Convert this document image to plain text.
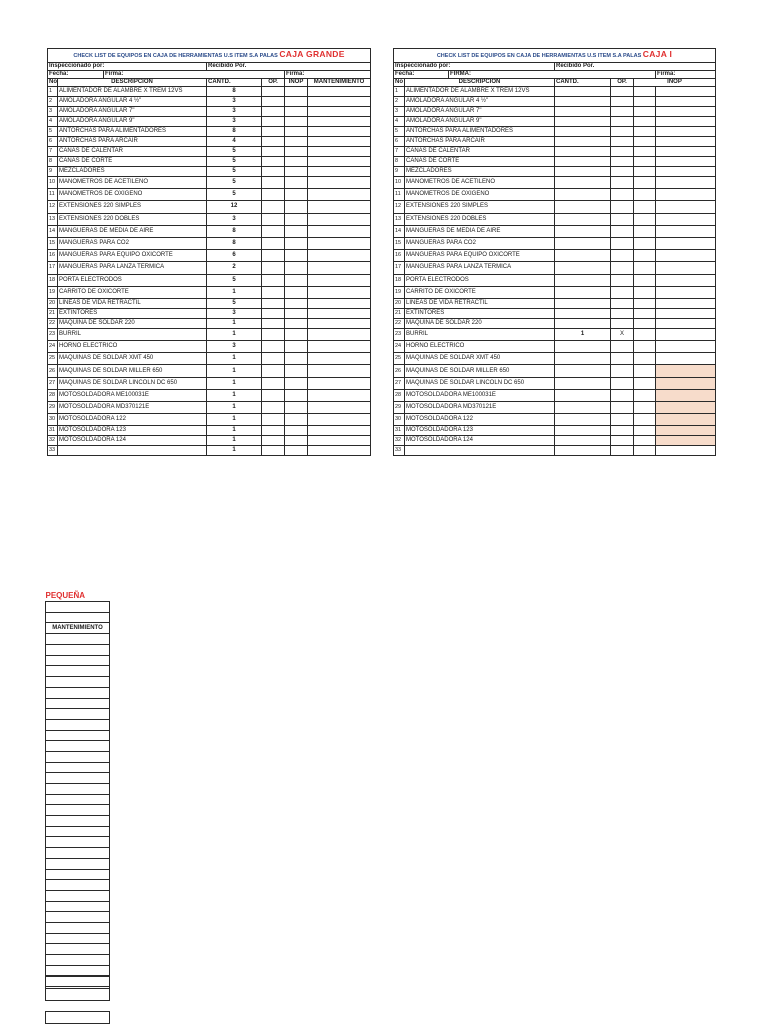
CHECK LIST DE EQUIPOS EN CAJA DE HERRAMIENTAS U.S ITEM S.A PALAS CAJA GRANDE						
Inspeccionado por:			Recibido Por.			
Fecha:		Firma:			Firma:	
No	DESCRIPCION		CANTD.	OP.	INOP	MANTENIMIENTO
1	ALIMENTADOR DE ALAMBRE X TREM 12VS		8			
2	AMOLADORA ANGULAR 4 ½"		3			
3	AMOLADORA ANGULAR 7"		3			
4	AMOLADORA ANGULAR 9"		3			
5	ANTORCHAS PARA ALIMENTADORES		8			
6	ANTORCHAS PARA ARCAIR		4			
7	CAÑAS DE CALENTAR		5			
8	CAÑAS DE CORTE		5			
9	MEZCLADORES		5			
10	MANOMETROS DE ACETILENO		5			
11	MANOMETROS DE OXIGENO		5			
12	EXTENSIONES 220 SIMPLES		12			
13	EXTENSIONES 220 DOBLES		3			
14	MANGUERAS DE MEDIA DE AIRE		8			
15	MANGUERAS PARA CO2		8			
16	MANGUERAS PARA EQUIPO OXICORTE		6			
17	MANGUERAS PARA LANZA TERMICA		2			
18	PORTA ELECTRODOS		5			
19	CARRITO DE OXICORTE		1			
20	LINEAS DE VIDA RETRACTIL		5			
21	EXTINTORES		3			
22	MAQUINA DE SOLDAR 220		1			
23	BURRIL		1			
24	HORNO ELECTRICO		3			
25	MAQUINAS DE SOLDAR XMT 450		1			
26	MAQUINAS DE SOLDAR MILLER 650		1			
27	MAQUINAS DE SOLDAR LINCOLN DC 650		1			
28	MOTOSOLDADORA ME100031E		1			
29	MOTOSOLDADORA MD370121E		1			
30	MOTOSOLDADORA 122		1			
31	MOTOSOLDADORA 123		1			
32	MOTOSOLDADORA 124		1			
33			1			
CHECK LIST DE EQUIPOS EN CAJA DE HERRAMIENTAS U.S ITEM S.A PALAS CAJA I						
Inspeccionado por:			Recibido Por.			
Fecha:		FIRMA:				Firma:
No	DESCRIPCION		CANTD.	OP.	INOP	
1	ALIMENTADOR DE ALAMBRE X TREM 12VS					
2	AMOLADORA ANGULAR 4 ½"					
3	AMOLADORA ANGULAR 7"					
4	AMOLADORA ANGULAR 9"					
5	ANTORCHAS PARA ALIMENTADORES					
6	ANTORCHAS PARA ARCAIR					
7	CAÑAS DE CALENTAR					
8	CAÑAS DE CORTE					
9	MEZCLADORES					
10	MANOMETROS DE ACETILENO					
11	MANOMETROS DE OXIGENO					
12	EXTENSIONES 220 SIMPLES					
13	EXTENSIONES 220 DOBLES					
14	MANGUERAS DE MEDIA DE AIRE					
15	MANGUERAS PARA CO2					
16	MANGUERAS PARA EQUIPO OXICORTE					
17	MANGUERAS PARA LANZA TERMICA					
18	PORTA ELECTRODOS					
19	CARRITO DE OXICORTE					
20	LINEAS DE VIDA RETRACTIL					
21	EXTINTORES					
22	MAQUINA DE SOLDAR 220					
23	BURRIL		1	X		
24	HORNO ELECTRICO					
25	MAQUINAS DE SOLDAR XMT 450					
26	MAQUINAS DE SOLDAR MILLER 650					
27	MAQUINAS DE SOLDAR LINCOLN DC 650					
28	MOTOSOLDADORA ME100031E					
29	MOTOSOLDADORA MD370121E					
30	MOTOSOLDADORA 122					
31	MOTOSOLDADORA 123					
32	MOTOSOLDADORA 124					
33						
PEQUEÑA

MANTENIMIENTO
